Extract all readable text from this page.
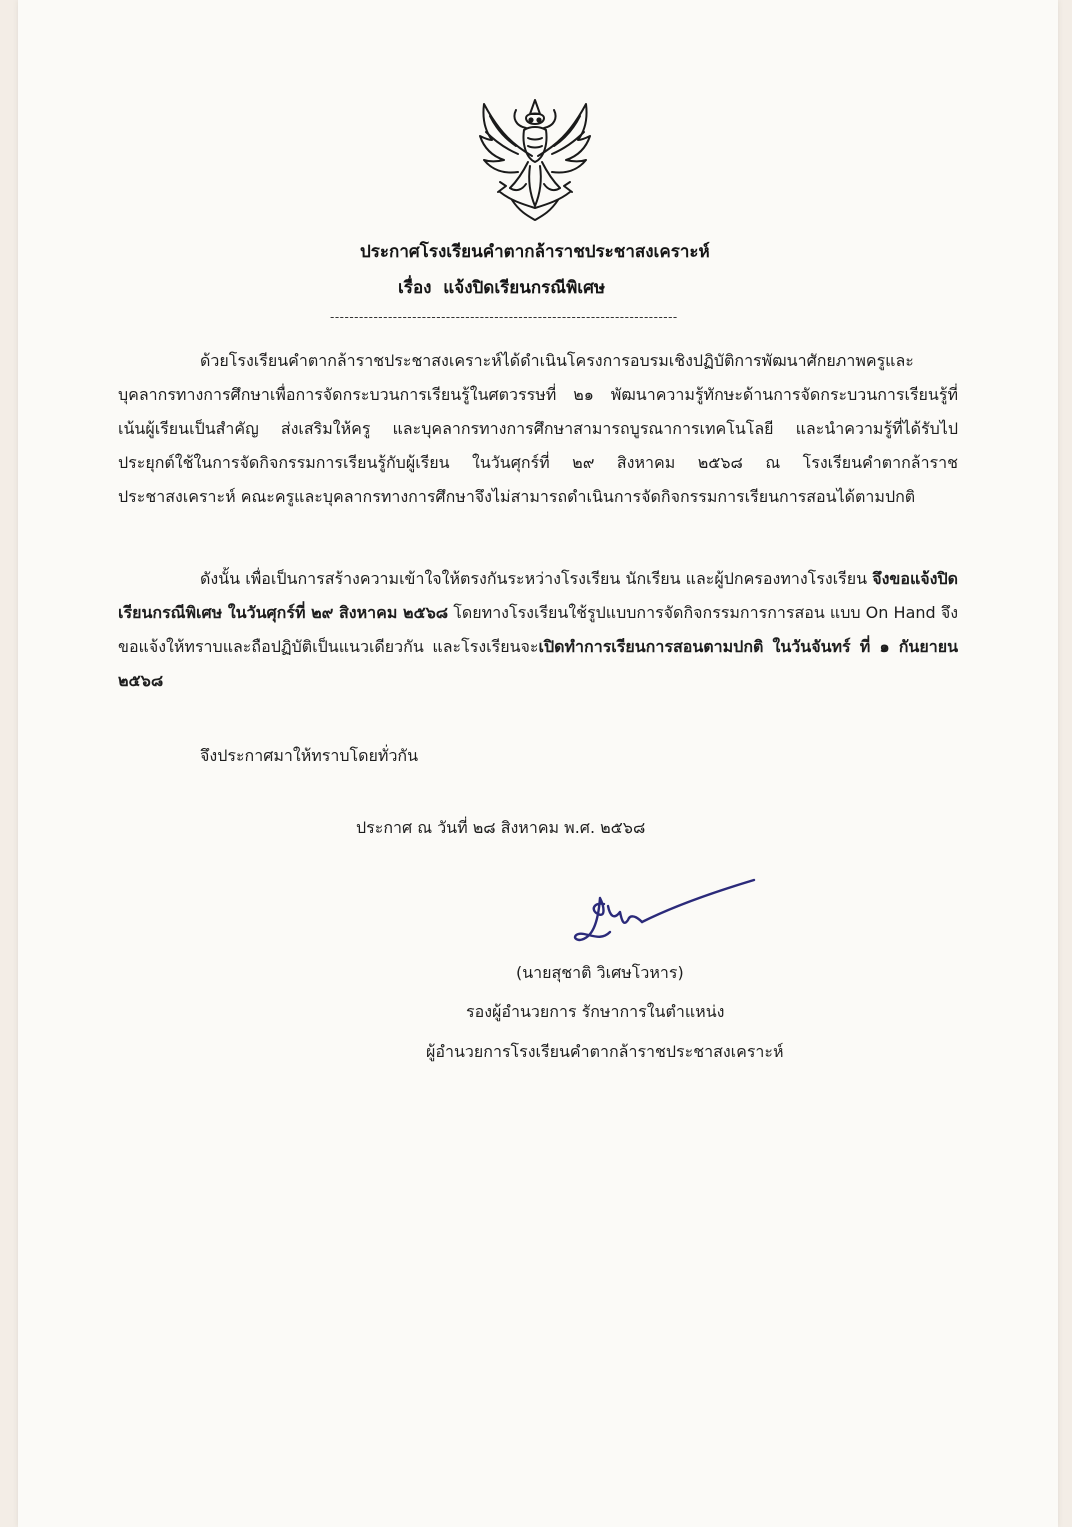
ประกาศโรงเรียนคำตากล้าราชประชาสงเคราะห์
เรื่อง แจ้งปิดเรียนกรณีพิเศษ
------------------------------------------------------------------------
ด้วยโรงเรียนคำตากล้าราชประชาสงเคราะห์ได้ดำเนินโครงการอบรมเชิงปฏิบัติการพัฒนาศักยภาพครูและบุคลากรทางการศึกษาเพื่อการจัดกระบวนการเรียนรู้ในศตวรรษที่ ๒๑ พัฒนาความรู้ทักษะด้านการจัดกระบวนการเรียนรู้ที่เน้นผู้เรียนเป็นสำคัญ ส่งเสริมให้ครู และบุคลากรทางการศึกษาสามารถบูรณาการเทคโนโลยี และนำความรู้ที่ได้รับไปประยุกต์ใช้ในการจัดกิจกรรมการเรียนรู้กับผู้เรียน ในวันศุกร์ที่ ๒๙ สิงหาคม ๒๕๖๘ ณ โรงเรียนคำตากล้าราชประชาสงเคราะห์ คณะครูและบุคลากรทางการศึกษาจึงไม่สามารถดำเนินการจัดกิจกรรมการเรียนการสอนได้ตามปกติ
ดังนั้น เพื่อเป็นการสร้างความเข้าใจให้ตรงกันระหว่างโรงเรียน นักเรียน และผู้ปกครองทางโรงเรียน จึงขอแจ้งปิดเรียนกรณีพิเศษ ในวันศุกร์ที่ ๒๙ สิงหาคม ๒๕๖๘ โดยทางโรงเรียนใช้รูปแบบการจัดกิจกรรมการการสอน แบบ On Hand จึงขอแจ้งให้ทราบและถือปฏิบัติเป็นแนวเดียวกัน และโรงเรียนจะเปิดทำการเรียนการสอนตามปกติ ในวันจันทร์ ที่ ๑ กันยายน ๒๕๖๘
จึงประกาศมาให้ทราบโดยทั่วกัน
ประกาศ ณ วันที่ ๒๘ สิงหาคม พ.ศ. ๒๕๖๘
(นายสุชาติ วิเศษโวหาร)
รองผู้อำนวยการ รักษาการในตำแหน่ง
ผู้อำนวยการโรงเรียนคำตากล้าราชประชาสงเคราะห์
